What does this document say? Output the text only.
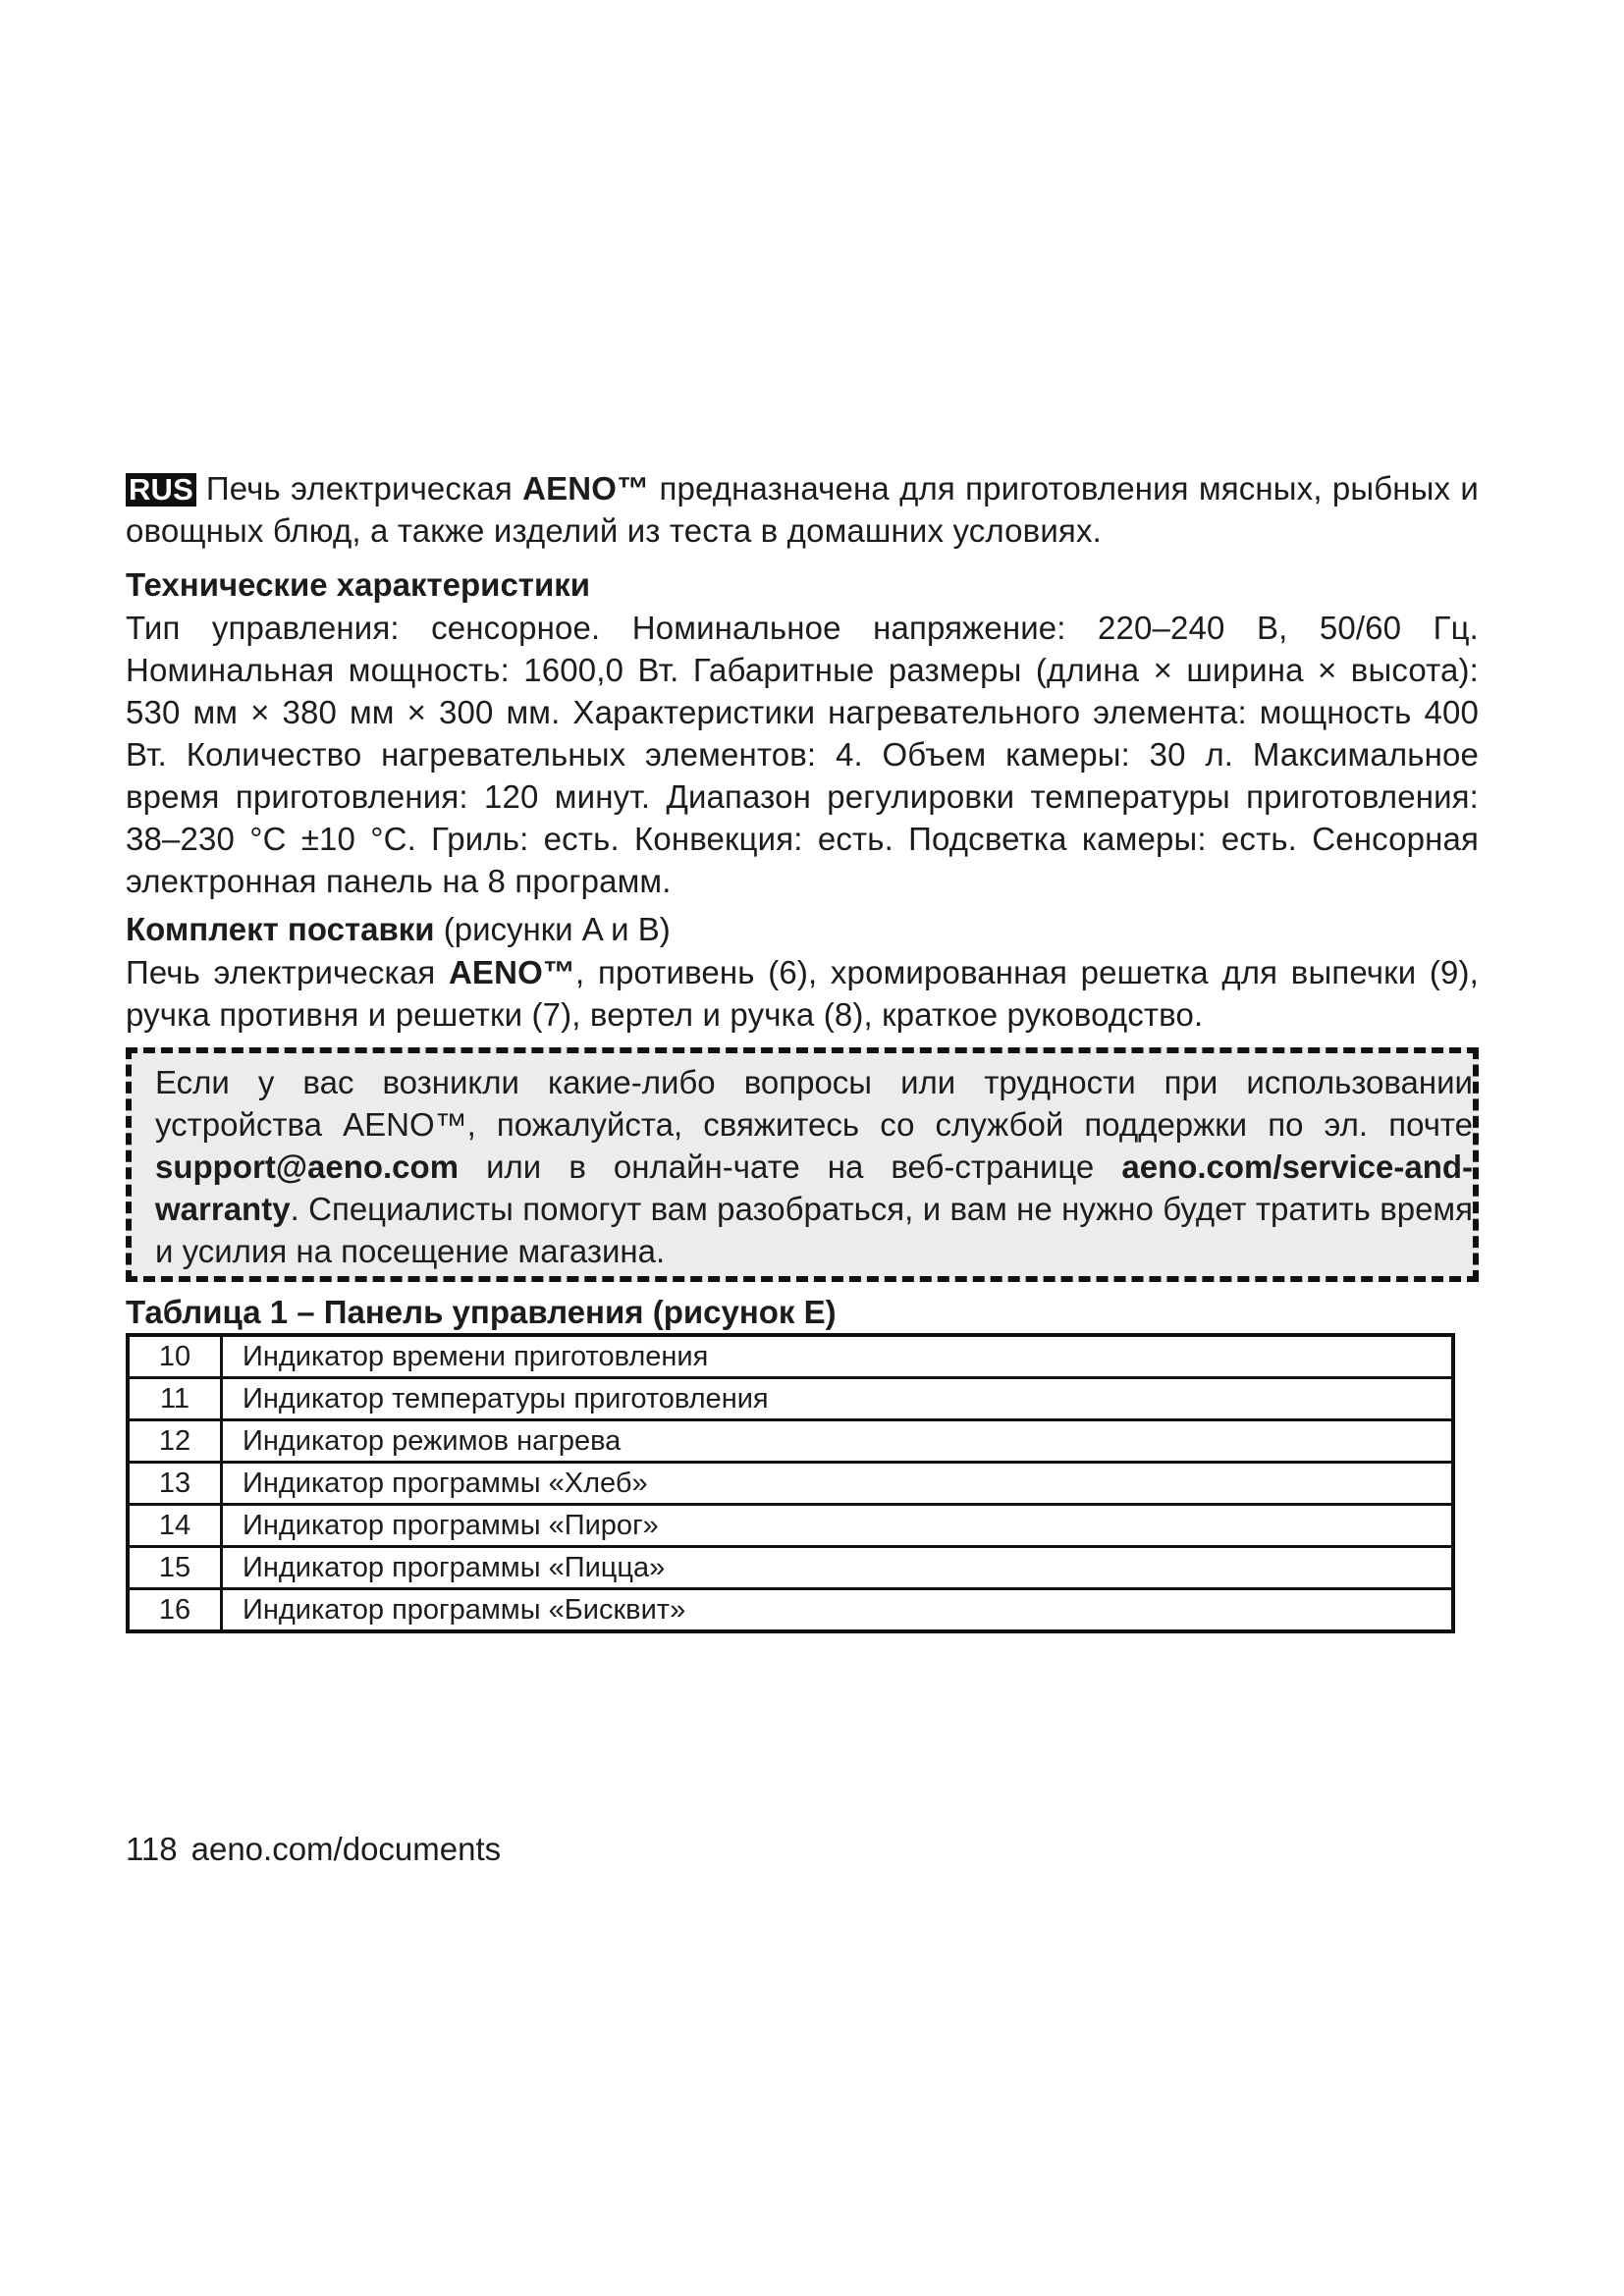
RUS Печь электрическая AENO™ предназначена для приготовления мясных, рыбных и овощных блюд, а также изделий из теста в домашних условиях.

Технические характеристики

Тип управления: сенсорное. Номинальное напряжение: 220–240 В, 50/60 Гц. Номинальная мощность: 1600,0 Вт. Габаритные размеры (длина × ширина × высота): 530 мм × 380 мм × 300 мм. Характеристики нагревательного элемента: мощность 400 Вт. Количество нагревательных элементов: 4. Объем камеры: 30 л. Максимальное время приготовления: 120 минут. Диапазон регулировки температуры приготовления: 38–230 °C ±10 °C. Гриль: есть. Конвекция: есть. Подсветка камеры: есть. Сенсорная электронная панель на 8 программ.

Комплект поставки (рисунки A и B)

Печь электрическая AENO™, противень (6), хромированная решетка для выпечки (9), ручка противня и решетки (7), вертел и ручка (8), краткое руководство.

Если у вас возникли какие-либо вопросы или трудности при использовании устройства AENO™, пожалуйста, свяжитесь со службой поддержки по эл. почте support@aeno.com или в онлайн-чате на веб-странице aeno.com/service-and-warranty. Специалисты помогут вам разобраться, и вам не нужно будет тратить время и усилия на посещение магазина.

Таблица 1 – Панель управления (рисунок E)

10	Индикатор времени приготовления
11	Индикатор температуры приготовления
12	Индикатор режимов нагрева
13	Индикатор программы «Хлеб»
14	Индикатор программы «Пирог»
15	Индикатор программы «Пицца»
16	Индикатор программы «Бисквит»
118 aeno.com/documents
